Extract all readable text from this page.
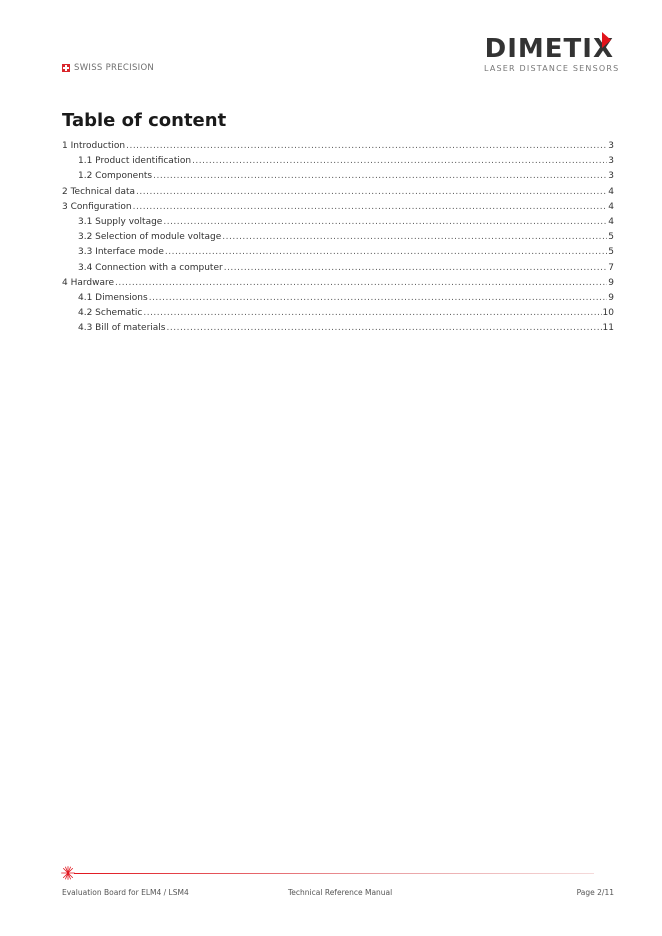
SWISS PRECISION
DIMETIX
LASER DISTANCE SENSORS
Table of content
1 Introduction .....	3
1.1 Product identification .....	3
1.2 Components .....	3
2 Technical data .....	4
3 Configuration .....	4
3.1 Supply voltage .....	4
3.2 Selection of module voltage .....	5
3.3 Interface mode .....	5
3.4 Connection with a computer .....	7
4 Hardware .....	9
4.1 Dimensions .....	9
4.2 Schematic .....	10
4.3 Bill of materials .....	11
Evaluation Board for ELM4 / LSM4	Technical Reference Manual	Page 2/11
